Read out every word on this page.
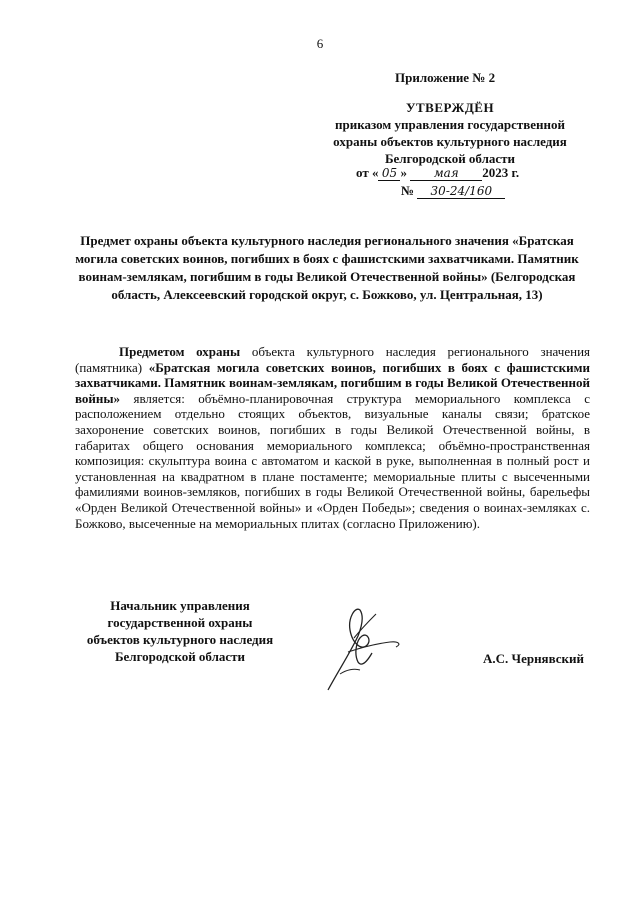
6
Приложение № 2
УТВЕРЖДЁН
приказом управления государственной
охраны объектов культурного наследия
Белгородской области
от « 05 » мая 2023 г.
№ 30-24/160
Предмет охраны объекта культурного наследия регионального значения «Братская могила советских воинов, погибших в боях с фашистскими захватчиками. Памятник воинам-землякам, погибшим в годы Великой Отечественной войны» (Белгородская область, Алексеевский городской округ, с. Божково, ул. Центральная, 13)
Предметом охраны объекта культурного наследия регионального значения (памятника) «Братская могила советских воинов, погибших в боях с фашистскими захватчиками. Памятник воинам-землякам, погибшим в годы Великой Отечественной войны» является: объёмно-планировочная структура мемориального комплекса с расположением отдельно стоящих объектов, визуальные каналы связи; братское захоронение советских воинов, погибших в годы Великой Отечественной войны, в габаритах общего основания мемориального комплекса; объёмно-пространственная композиция: скульптура воина с автоматом и каской в руке, выполненная в полный рост и установленная на квадратном в плане постаменте; мемориальные плиты с высеченными фамилиями воинов-земляков, погибших в годы Великой Отечественной войны, барельефы «Орден Великой Отечественной войны» и «Орден Победы»; сведения о воинах-земляках с. Божково, высеченные на мемориальных плитах (согласно Приложению).
Начальник управления
государственной охраны
объектов культурного наследия
Белгородской области	А.С. Чернявский
